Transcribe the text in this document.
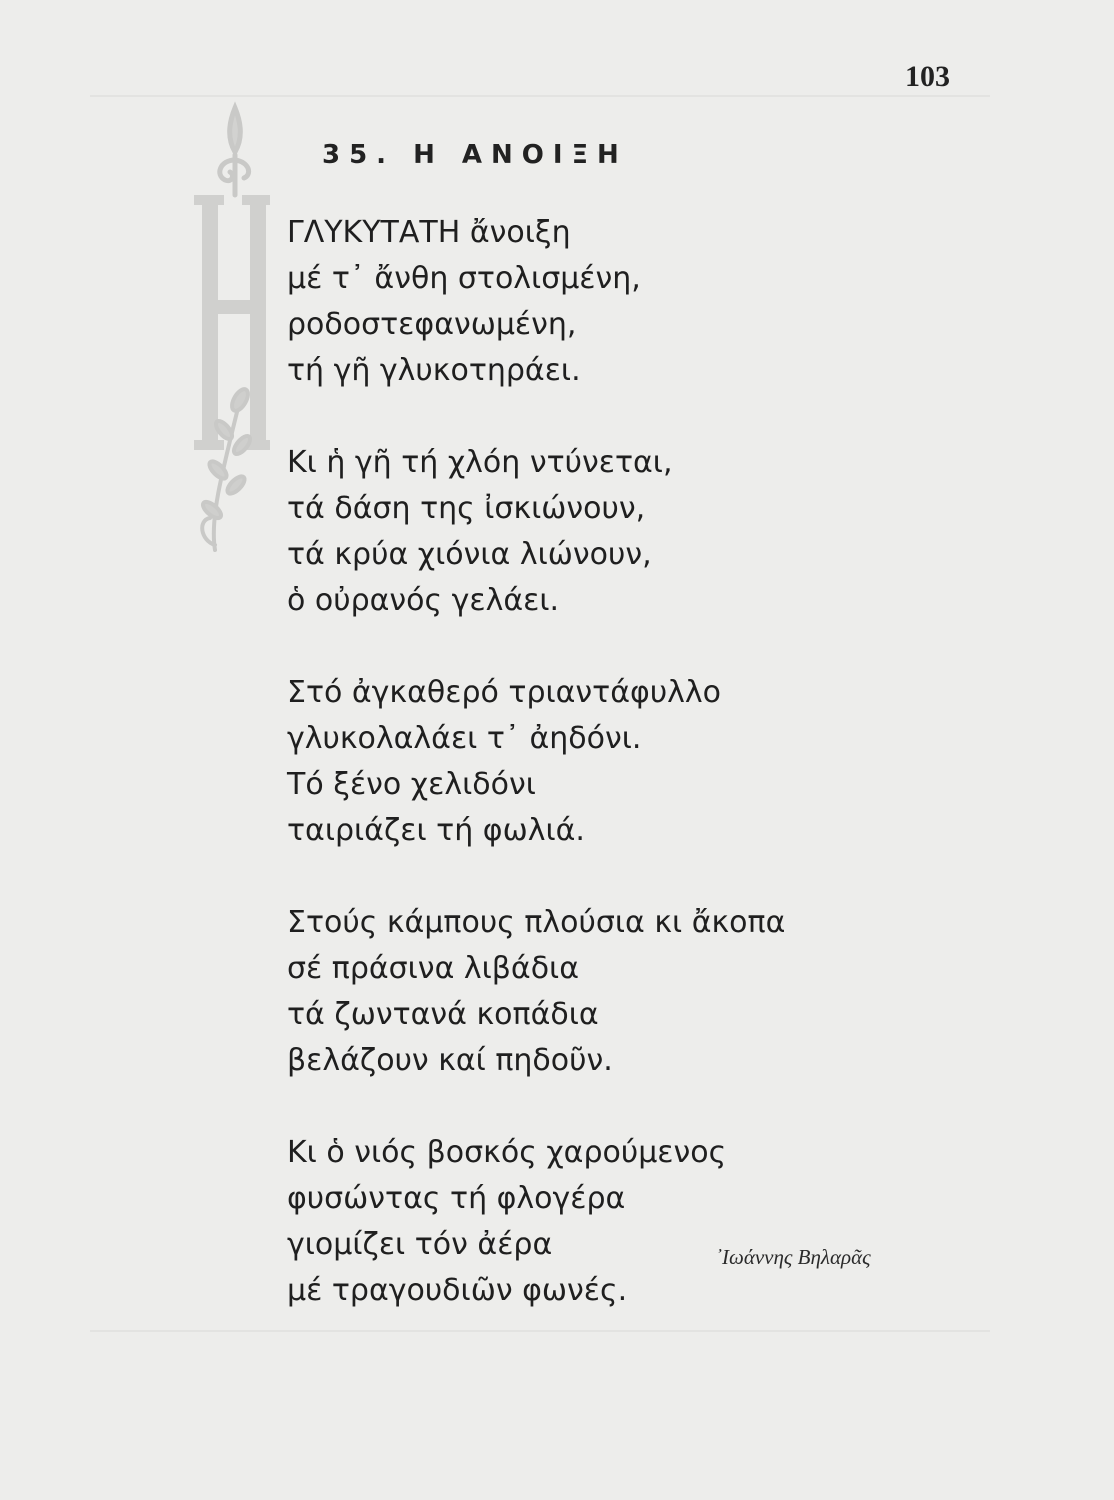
103
35. Η ΑΝΟΙΞΗ
ΓΛΥΚΥΤΑΤΗ ἄνοιξη
μέ τ᾽ ἄνθη στολισμένη,
ροδοστεφανωμένη,
τή γῆ γλυκοτηράει.
Κι ἡ γῆ τή χλόη ντύνεται,
τά δάση της ἰσκιώνουν,
τά κρύα χιόνια λιώνουν,
ὁ οὐρανός γελάει.
Στό ἀγκαθερό τριαντάφυλλο
γλυκολαλάει τ᾽ ἀηδόνι.
Τό ξένο χελιδόνι
ταιριάζει τή φωλιά.
Στούς κάμπους πλούσια κι ἄκοπα
σέ πράσινα λιβάδια
τά ζωντανά κοπάδια
βελάζουν καί πηδοῦν.
Κι ὁ νιός βοσκός χαρούμενος
φυσώντας τή φλογέρα
γιομίζει τόν ἀέρα
μέ τραγουδιῶν φωνές.
᾽Ιωάννης Βηλαρᾶς
